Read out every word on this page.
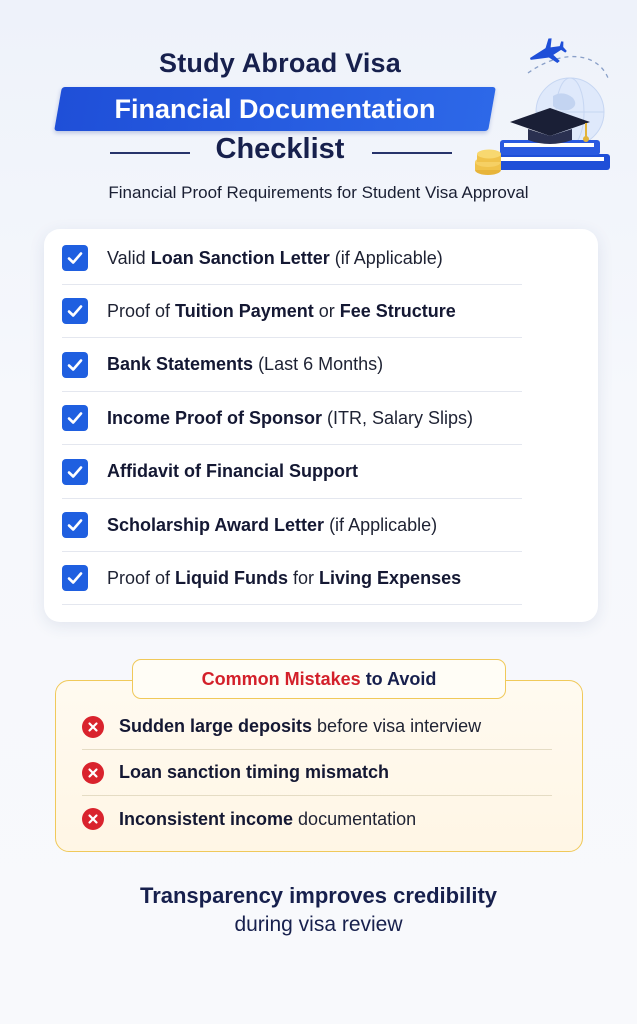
Study Abroad Visa
Financial Documentation
Checklist
Financial Proof Requirements for Student Visa Approval
Valid Loan Sanction Letter (if Applicable)
Proof of Tuition Payment or Fee Structure
Bank Statements (Last 6 Months)
Income Proof of Sponsor (ITR, Salary Slips)
Affidavit of Financial Support
Scholarship Award Letter (if Applicable)
Proof of Liquid Funds for Living Expenses
Common Mistakes to Avoid
Sudden large deposits before visa interview
Loan sanction timing mismatch
Inconsistent income documentation
Transparency improves credibility
during visa review
